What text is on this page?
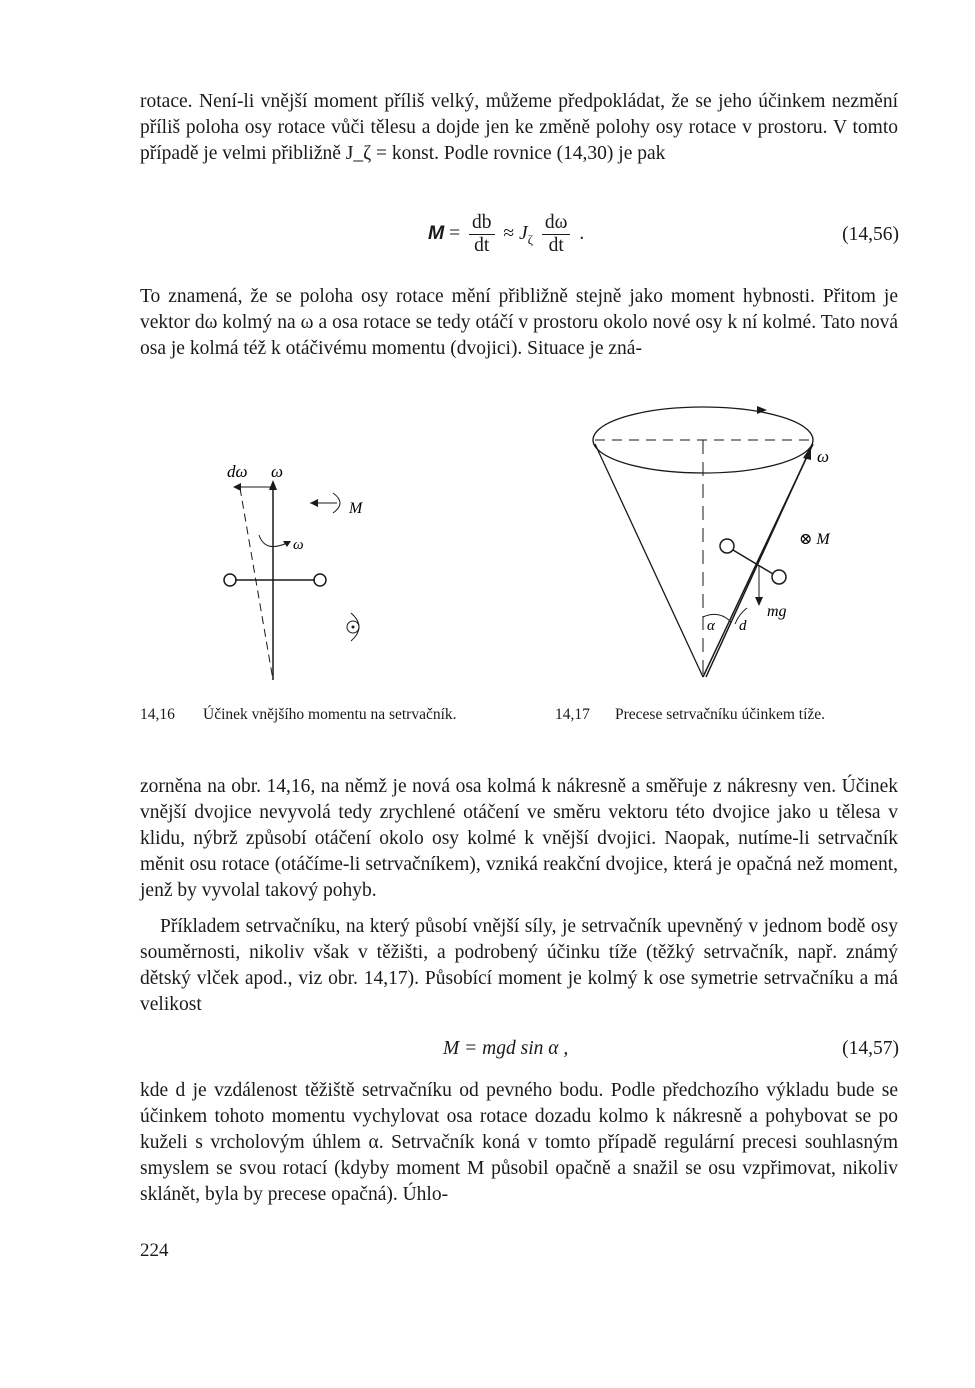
rotace. Není-li vnější moment příliš velký, můžeme předpokládat, že se jeho účinkem nezmění příliš poloha osy rotace vůči tělesu a dojde jen ke změně polohy osy rotace v prostoru. V tomto případě je velmi přibližně J_ζ = konst. Podle rovnice (14,30) je pak

$M = \frac{db}{dt} \approx J_\zeta \frac{d\omega}{dt}$ .	(14,56)

To znamená, že se poloha osy rotace mění přibližně stejně jako moment hybnosti. Přitom je vektor dω kolmý na ω a osa rotace se tedy otáčí v prostoru okolo nové osy k ní kolmé. Tato nová osa je kolmá též k otáčivému momentu (dvojici). Situace je zná-

dω⃗ ω⃗
M⃗
ω
ω⃗
⊗ M⃗
mg⃗
α d
14,16	Účinek vnějšího momentu na setrvačník.	14,17	Precese setrvačníku účinkem tíže.

zorněna na obr. 14,16, na němž je nová osa kolmá k nákresně a směřuje z nákresny ven. Účinek vnější dvojice nevyvolá tedy zrychlené otáčení ve směru vektoru této dvojice jako u tělesa v klidu, nýbrž způsobí otáčení okolo osy kolmé k vnější dvojici. Naopak, nutíme-li setrvačník měnit osu rotace (otáčíme-li setrvačníkem), vzniká reakční dvojice, která je opačná než moment, jenž by vyvolal takový pohyb.

Příkladem setrvačníku, na který působí vnější síly, je setrvačník upevněný v jednom bodě osy souměrnosti, nikoliv však v těžišti, a podrobený účinku tíže (těžký setrvačník, např. známý dětský vlček apod., viz obr. 14,17). Působící moment je kolmý k ose symetrie setrvačníku a má velikost

M = mgd sin α ,	(14,57)

kde d je vzdálenost těžiště setrvačníku od pevného bodu. Podle předchozího výkladu bude se účinkem tohoto momentu vychylovat osa rotace dozadu kolmo k nákresně a pohybovat se po kuželi s vrcholovým úhlem α. Setrvačník koná v tomto případě regulární precesi souhlasným smyslem se svou rotací (kdyby moment M působil opačně a snažil se osu vzpřimovat, nikoliv sklánět, byla by precese opačná). Úhlo-

224
